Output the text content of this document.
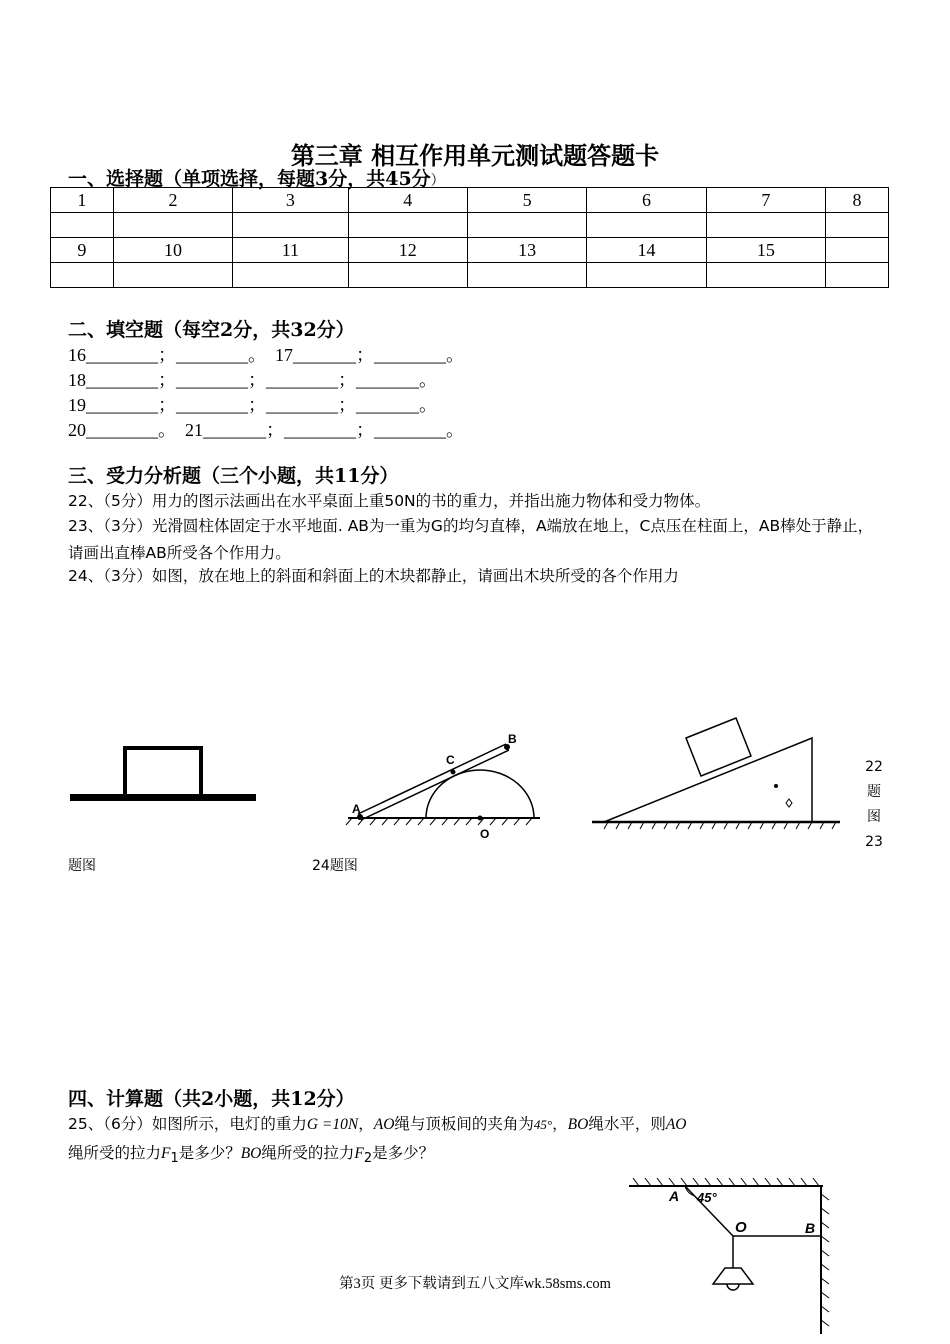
第三章 相互作用单元测试题答题卡
一、选择题（单项选择，每题3分，共45分）
1	2	3	4	5	6	7	8

9	10	11	12	13	14	15	

二、填空题（每空2分，共32分）
16________；________。  17_______；________。
18________；________；________；_______。
19________；________；________；_______。
20________。  21_______；________；________。
三、受力分析题（三个小题，共11分）
22、（5分）用力的图示法画出在水平桌面上重50N的书的重力，并指出施力物体和受力物体。
23、（3分）光滑圆柱体固定于水平地面. AB为一重为G的均匀直棒，A端放在地上，C点压在柱面上，AB棒处于静止，请画出直棒AB所受各个作用力。
24、（3分）如图，放在地上的斜面和斜面上的木块都静止，请画出木块所受的各个作用力
A
B
C
O
题图	24题图
22
题
图
23
四、计算题（共2小题，共12分）
25、（6分）如图所示，电灯的重力G =10N，AO绳与顶板间的夹角为45°，BO绳水平，则AO
绳所受的拉力$F_1$是多少？BO绳所受的拉力$F_2$是多少？
A 45°
O	B
第3页 更多下载请到五八文库wk.58sms.com
